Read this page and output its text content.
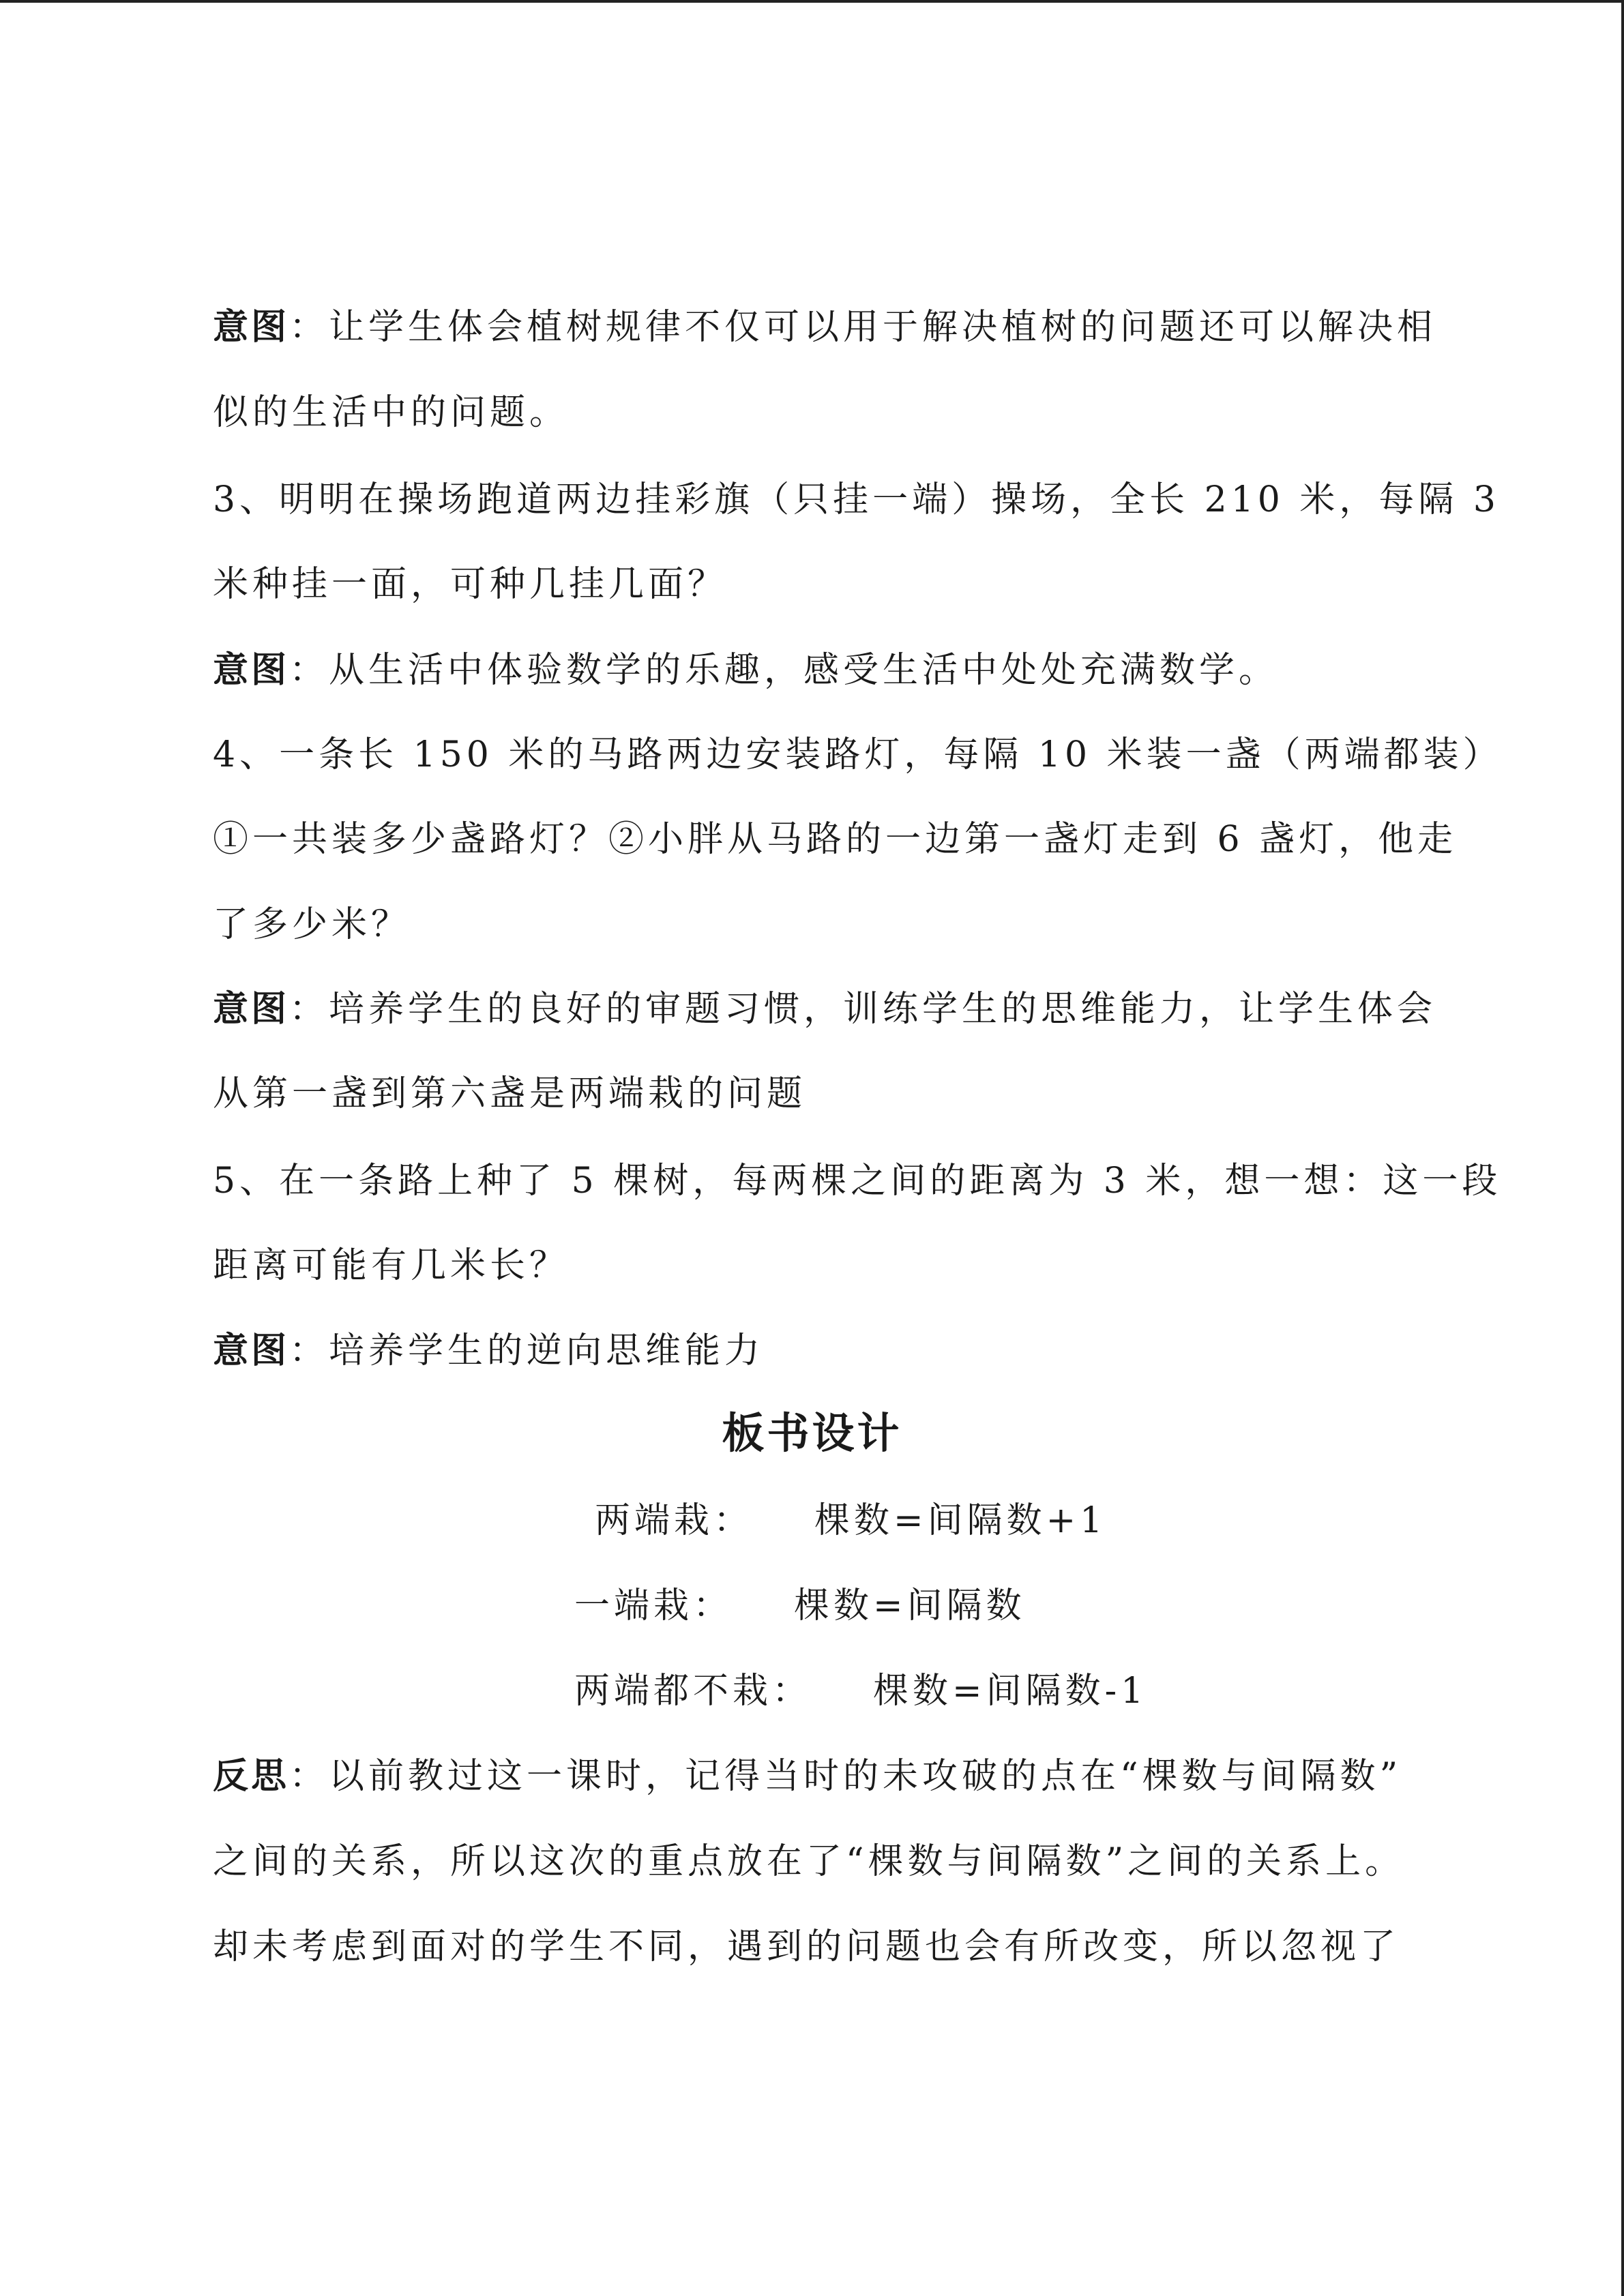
意图：让学生体会植树规律不仅可以用于解决植树的问题还可以解决相
似的生活中的问题。
3、明明在操场跑道两边挂彩旗（只挂一端）操场，全长 210 米，每隔 3
米种挂一面，可种几挂几面？
意图：从生活中体验数学的乐趣，感受生活中处处充满数学。
4、一条长 150 米的马路两边安装路灯，每隔 10 米装一盏（两端都装）
①一共装多少盏路灯？②小胖从马路的一边第一盏灯走到 6 盏灯，他走
了多少米？
意图：培养学生的良好的审题习惯，训练学生的思维能力，让学生体会
从第一盏到第六盏是两端栽的问题
5、在一条路上种了 5 棵树，每两棵之间的距离为 3 米，想一想：这一段
距离可能有几米长？
意图：培养学生的逆向思维能力
板书设计
两端栽： 棵数=间隔数+1
一端栽： 棵数=间隔数
两端都不栽： 棵数=间隔数-1
反思：以前教过这一课时，记得当时的未攻破的点在“棵数与间隔数”
之间的关系，所以这次的重点放在了“棵数与间隔数”之间的关系上。
却未考虑到面对的学生不同，遇到的问题也会有所改变，所以忽视了
